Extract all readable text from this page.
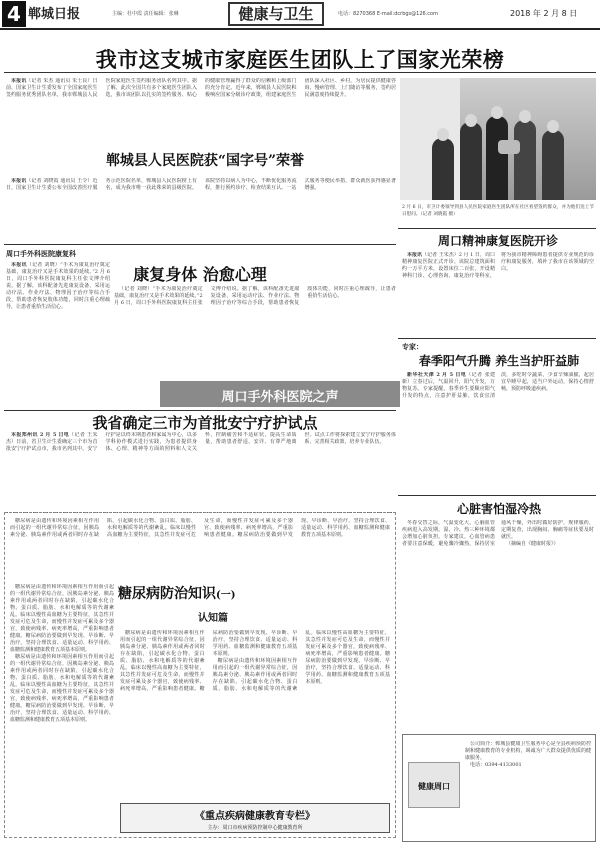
4 郸城日报	主编：杜中霞 责任编辑：张琳	健康与卫生	电话：8270368 E-mail:dcrbgs@126.com	2018 年 2 月 8 日
我市这支城市家庭医生团队上了国家光荣榜

本报讯（记者 朱杰 通讯员 朱士良）日前，国家卫生计生委发布了全国家庭医生签约服务优秀团队名单，我市郸城县人民医院家庭医生签约服务团队名列其中。据了解，此次全国共有多个家庭医生团队入选，我市该团队以扎实的签约服务、贴心的健康管理赢得了群众的信赖和上级部门的充分肯定。近年来，郸城县人民医院积极响应国家分级诊疗政策，组建家庭医生团队深入社区、乡村，为居民提供健康咨询、慢病管理、上门随访等服务，签约居民满意度持续提升。

2 月 6 日，市卫计委领导到县人民医院家庭医生团队所在社区看望签约群众，并为他们送上节日慰问。（记者 刘晓霞 摄）
郸城县人民医院获“国字号”荣誉

本报讯（记者 刘晓霞 通讯员 王令）近日，国家卫生计生委公布全国改善医疗服务示范医院名单，郸城县人民医院榜上有名，成为我市唯一获此殊荣的县级医院。该院坚持以病人为中心，不断优化服务流程，推行预约诊疗、检查结果互认、一站式服务等便民举措，群众就医获得感显著增强。

周口手外科医院康复科
康复身体 治愈心理

本报讯（记者 刘晓）“手术为康复治疗奠定基础，康复治疗又是手术效果的延续。”2 月 6 日，周口手外科医院康复科主任张文博介绍说。据了解，该科配备先进康复设备，采用运动疗法、作业疗法、物理因子治疗等综合手段，帮助患者恢复肢体功能，同时注重心理疏导，让患者重拾生活信心。

（记者 刘晓）“手术为康复治疗奠定基础，康复治疗又是手术效果的延续。”2 月 6 日，周口手外科医院康复科主任张文博介绍说。据了解，该科配备先进康复设备，采用运动疗法、作业疗法、物理因子治疗等综合手段，帮助患者恢复肢体功能，同时注重心理疏导，让患者重拾生活信心。

周口手外科医院之声
周口精神康复医院开诊

本报讯（记者 王朱杰）2 月 1 日，周口精神康复医院正式开诊。该院总建筑面积约一万平方米，设置床位二百张，开设精神科门诊、心理咨询、康复治疗等科室，将为我市精神障碍患者提供专业规范的诊疗和康复服务，填补了我市在该领域的空白。

专家：
春季阳气升腾 养生当护肝益肺

新华社天津 2 月 5 日电（记者 张建新）立春过后，气温回升，阳气升发，万物复苏。专家提醒，春季养生要顺应阳气升发的特点，注意护肝益肺，饮食宜清淡，多吃时令蔬菜，少食辛辣油腻，起居宜早睡早起，适当户外运动，保持心情舒畅，预防呼吸道疾病。

我省确定三市为首批安宁疗护试点

本报郑州讯 2 月 5 日电（记者 王朱杰）日前，省卫生计生委确定三个市为首批安宁疗护试点市，我市名列其中。安宁疗护是以终末期患者和家属为中心，以多学科协作模式进行实践，为患者提供身体、心理、精神等方面的照料和人文关怀，控制痛苦和不适症状，提高生命质量，帮助患者舒适、安详、有尊严地离世。试点工作将探索建立安宁疗护服务体系，完善相关政策，培养专业队伍。

心脏害怕湿冷热

冬春交替之际，气温变化大，心脑血管疾病进入高发期。湿、冷、热三种环境都会增加心脏负担。专家建议，心血管病患者要注意保暖，避免骤冷骤热，保持居室通风干燥，外出时做好防护，规律服药，定期复查，出现胸闷、胸痛等症状要及时就医。

（摘编自《健康时报》）

糖尿病是由遗传和环境因素相互作用而引起的一组代谢异常综合征，因胰岛素分泌、胰岛素作用或两者同时存在缺陷，引起碳水化合物、蛋白质、脂肪、水和电解质等的代谢紊乱。临床以慢性高血糖为主要特征，其急性并发症可危及生命，而慢性并发症可累及多个器官，致使病残率、病死率增高，严重影响患者健康。糖尿病防治要做到早发现、早诊断、早治疗，坚持合理饮食、适量运动、科学用药、血糖监测和健康教育五项基本原则。

糖尿病防治知识(一)
认知篇

糖尿病是由遗传和环境因素相互作用而引起的一组代谢异常综合征，因胰岛素分泌、胰岛素作用或两者同时存在缺陷，引起碳水化合物、蛋白质、脂肪、水和电解质等的代谢紊乱。临床以慢性高血糖为主要特征，其急性并发症可危及生命，而慢性并发症可累及多个器官，致使病残率、病死率增高，严重影响患者健康。糖尿病防治要做到早发现、早诊断、早治疗，坚持合理饮食、适量运动、科学用药、血糖监测和健康教育五项基本原则。

糖尿病是由遗传和环境因素相互作用而引起的一组代谢异常综合征，因胰岛素分泌、胰岛素作用或两者同时存在缺陷，引起碳水化合物、蛋白质、脂肪、水和电解质等的代谢紊乱。临床以慢性高血糖为主要特征，其急性并发症可危及生命，而慢性并发症可累及多个器官，致使病残率、病死率增高，严重影响患者健康。糖尿病防治要做到早发现、早诊断、早治疗，坚持合理饮食、适量运动、科学用药、血糖监测和健康教育五项基本原则。

糖尿病是由遗传和环境因素相互作用而引起的一组代谢异常综合征，因胰岛素分泌、胰岛素作用或两者同时存在缺陷，引起碳水化合物、蛋白质、脂肪、水和电解质等的代谢紊乱。临床以慢性高血糖为主要特征，其急性并发症可危及生命，而慢性并发症可累及多个器官，致使病残率、病死率增高，严重影响患者健康。糖尿病防治要做到早发现、早诊断、早治疗，坚持合理饮食、适量运动、科学用药、血糖监测和健康教育五项基本原则。

糖尿病是由遗传和环境因素相互作用而引起的一组代谢异常综合征，因胰岛素分泌、胰岛素作用或两者同时存在缺陷，引起碳水化合物、蛋白质、脂肪、水和电解质等的代谢紊乱。临床以慢性高血糖为主要特征，其急性并发症可危及生命，而慢性并发症可累及多个器官，致使病残率、病死率增高，严重影响患者健康。糖尿病防治要做到早发现、早诊断、早治疗，坚持合理饮食、适量运动、科学用药、血糖监测和健康教育五项基本原则。

《重点疾病健康教育专栏》
主办：周口市疾病预防控制中心健康教育所

公司简介：郸城县健康卫生服务中心是全县疾病预防控制和健康教育的专业机构，竭诚为广大群众提供优质的健康服务。

电话：0394-4133001

健康周口
